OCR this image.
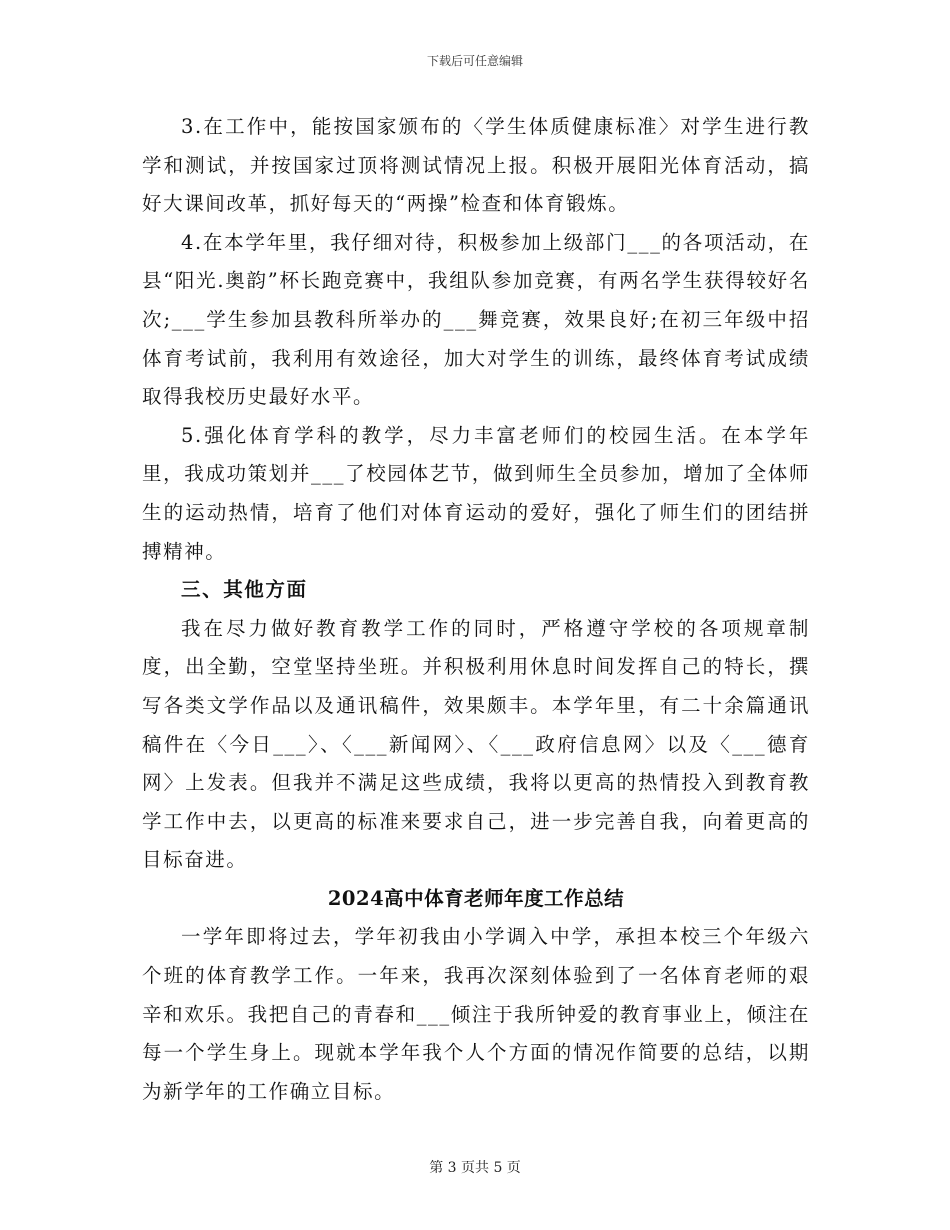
下载后可任意编辑

3.在工作中，能按国家颁布的〈学生体质健康标准〉对学生进行教学和测试，并按国家过顶将测试情况上报。积极开展阳光体育活动，搞好大课间改革，抓好每天的“两操”检查和体育锻炼。

4.在本学年里，我仔细对待，积极参加上级部门___的各项活动，在县“阳光.奥韵”杯长跑竞赛中，我组队参加竞赛，有两名学生获得较好名次;___学生参加县教科所举办的___舞竞赛，效果良好;在初三年级中招体育考试前，我利用有效途径，加大对学生的训练，最终体育考试成绩取得我校历史最好水平。

5.强化体育学科的教学，尽力丰富老师们的校园生活。在本学年里，我成功策划并___了校园体艺节，做到师生全员参加，增加了全体师生的运动热情，培育了他们对体育运动的爱好，强化了师生们的团结拼搏精神。

三、其他方面

我在尽力做好教育教学工作的同时，严格遵守学校的各项规章制度，出全勤，空堂坚持坐班。并积极利用休息时间发挥自己的特长，撰写各类文学作品以及通讯稿件，效果颇丰。本学年里，有二十余篇通讯稿件在〈今日___〉、〈___新闻网〉、〈___政府信息网〉以及〈___德育网〉上发表。但我并不满足这些成绩，我将以更高的热情投入到教育教学工作中去，以更高的标准来要求自己，进一步完善自我，向着更高的目标奋进。

2024高中体育老师年度工作总结

一学年即将过去，学年初我由小学调入中学，承担本校三个年级六个班的体育教学工作。一年来，我再次深刻体验到了一名体育老师的艰辛和欢乐。我把自己的青春和___倾注于我所钟爱的教育事业上，倾注在每一个学生身上。现就本学年我个人个方面的情况作简要的总结，以期为新学年的工作确立目标。

第 3 页共 5 页
